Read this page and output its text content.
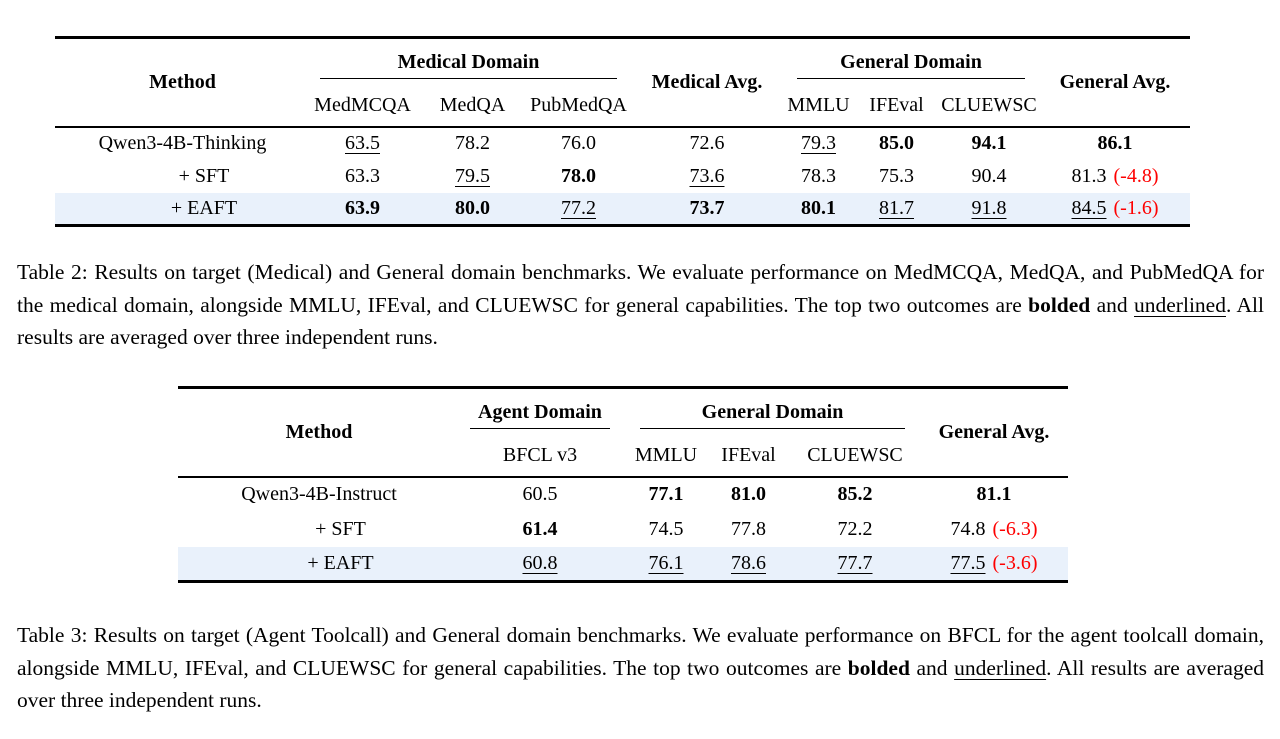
Method	Medical Domain			Medical Avg.	General Domain			General Avg.
	MedMCQA	MedQA	PubMedQA		MMLU	IFEval	CLUEWSC	
Qwen3-4B-Thinking	63.5	78.2	76.0	72.6	79.3	85.0	94.1	86.1
+ SFT	63.3	79.5	78.0	73.6	78.3	75.3	90.4	81.3 (-4.8)
+ EAFT	63.9	80.0	77.2	73.7	80.1	81.7	91.8	84.5 (-1.6)

Table 2: Results on target (Medical) and General domain benchmarks. We evaluate performance on MedMCQA, MedQA, and PubMedQA for the medical domain, alongside MMLU, IFEval, and CLUEWSC for general capabilities. The top two outcomes are bolded and underlined. All results are averaged over three independent runs.

Method	Agent Domain	General Domain			General Avg.
	BFCL v3	MMLU	IFEval	CLUEWSC	
Qwen3-4B-Instruct	60.5	77.1	81.0	85.2	81.1
+ SFT	61.4	74.5	77.8	72.2	74.8 (-6.3)
+ EAFT	60.8	76.1	78.6	77.7	77.5 (-3.6)

Table 3: Results on target (Agent Toolcall) and General domain benchmarks. We evaluate performance on BFCL for the agent toolcall domain, alongside MMLU, IFEval, and CLUEWSC for general capabilities. The top two outcomes are bolded and underlined. All results are averaged over three independent runs.
